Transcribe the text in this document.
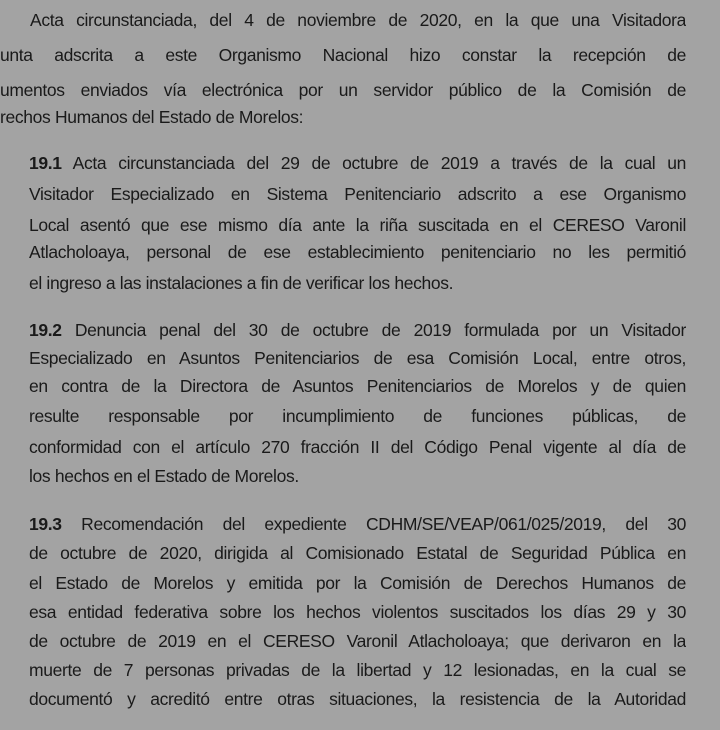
Acta circunstanciada, del 4 de noviembre de 2020, en la que una Visitadora
unta adscrita a este Organismo Nacional hizo constar la recepción de
umentos enviados vía electrónica por un servidor público de la Comisión de
rechos Humanos del Estado de Morelos:
19.1 Acta circunstanciada del 29 de octubre de 2019 a través de la cual un
Visitador Especializado en Sistema Penitenciario adscrito a ese Organismo
Local asentó que ese mismo día ante la riña suscitada en el CERESO Varonil
Atlacholoaya, personal de ese establecimiento penitenciario no les permitió
el ingreso a las instalaciones a fin de verificar los hechos.
19.2 Denuncia penal del 30 de octubre de 2019 formulada por un Visitador
Especializado en Asuntos Penitenciarios de esa Comisión Local, entre otros,
en contra de la Directora de Asuntos Penitenciarios de Morelos y de quien
resulte responsable por incumplimiento de funciones públicas, de
conformidad con el artículo 270 fracción II del Código Penal vigente al día de
los hechos en el Estado de Morelos.
19.3 Recomendación del expediente CDHM/SE/VEAP/061/025/2019, del 30
de octubre de 2020, dirigida al Comisionado Estatal de Seguridad Pública en
el Estado de Morelos y emitida por la Comisión de Derechos Humanos de
esa entidad federativa sobre los hechos violentos suscitados los días 29 y 30
de octubre de 2019 en el CERESO Varonil Atlacholoaya; que derivaron en la
muerte de 7 personas privadas de la libertad y 12 lesionadas, en la cual se
documentó y acreditó entre otras situaciones, la resistencia de la Autoridad
